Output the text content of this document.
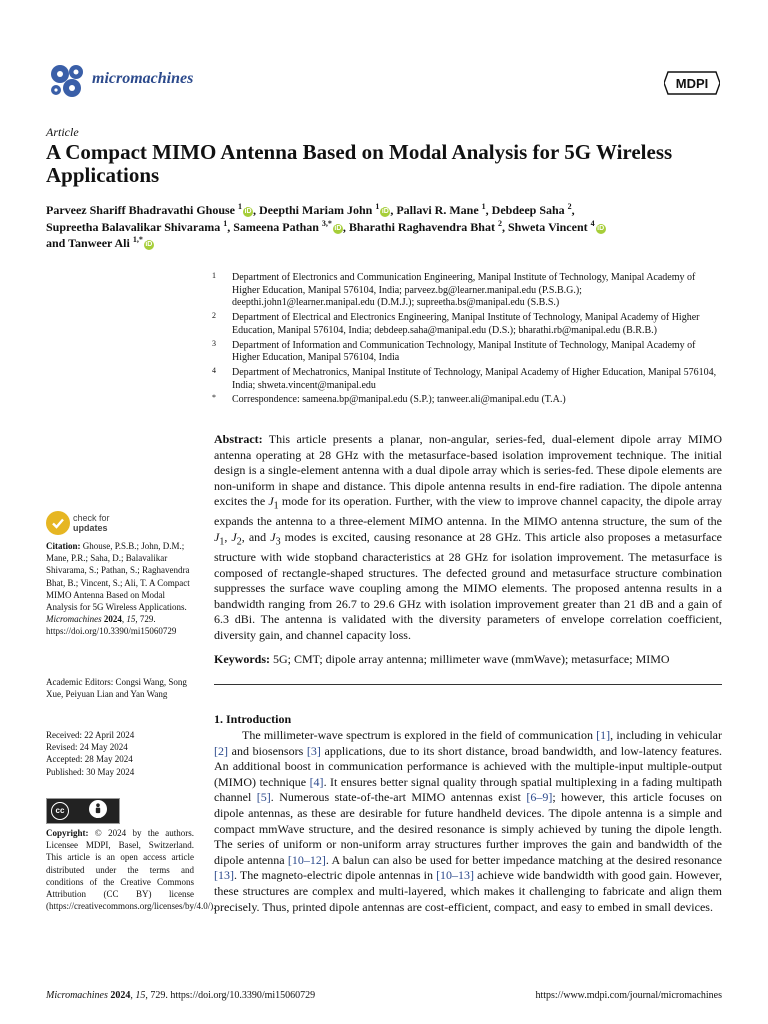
micromachines	MDPI
Article
A Compact MIMO Antenna Based on Modal Analysis for 5G Wireless Applications
Parveez Shariff Bhadravathi Ghouse $^1$iD , Deepthi Mariam John $^1$iD , Pallavi R. Mane $^1$, Debdeep Saha $^2$,
Supreetha Balavalikar Shivarama $^1$, Sameena Pathan $^{3,*}$iD , Bharathi Raghavendra Bhat $^2$, Shweta Vincent $^4$iD
and Tanweer Ali $^{1,*}$iD
1 Department of Electronics and Communication Engineering, Manipal Institute of Technology, Manipal Academy of Higher Education, Manipal 576104, India; parveez.bg@learner.manipal.edu (P.S.B.G.); deepthi.john1@learner.manipal.edu (D.M.J.); supreetha.bs@manipal.edu (S.B.S.)
2 Department of Electrical and Electronics Engineering, Manipal Institute of Technology, Manipal Academy of Higher Education, Manipal 576104, India; debdeep.saha@manipal.edu (D.S.); bharathi.rb@manipal.edu (B.R.B.)
3 Department of Information and Communication Technology, Manipal Institute of Technology, Manipal Academy of Higher Education, Manipal 576104, India
4 Department of Mechatronics, Manipal Institute of Technology, Manipal Academy of Higher Education, Manipal 576104, India; shweta.vincent@manipal.edu
* Correspondence: sameena.bp@manipal.edu (S.P.); tanweer.ali@manipal.edu (T.A.)
check for
updates
Citation: Ghouse, P.S.B.; John, D.M.; Mane, P.R.; Saha, D.; Balavalikar Shivarama, S.; Pathan, S.; Raghavendra Bhat, B.; Vincent, S.; Ali, T. A Compact MIMO Antenna Based on Modal Analysis for 5G Wireless Applications. Micromachines 2024, 15, 729. https://doi.org/10.3390/mi15060729
Academic Editors: Congsi Wang, Song Xue, Peiyuan Lian and Yan Wang
Received: 22 April 2024
Revised: 24 May 2024
Accepted: 28 May 2024
Published: 30 May 2024
cc
BY
Copyright: © 2024 by the authors. Licensee MDPI, Basel, Switzerland. This article is an open access article distributed under the terms and conditions of the Creative Commons Attribution (CC BY) license (https://creativecommons.org/licenses/by/4.0/).
Abstract: This article presents a planar, non-angular, series-fed, dual-element dipole array MIMO antenna operating at 28 GHz with the metasurface-based isolation improvement technique. The initial design is a single-element antenna with a dual dipole array which is series-fed. These dipole elements are non-uniform in shape and distance. This dipole antenna results in end-fire radiation. The dipole antenna excites the $J_1$ mode for its operation. Further, with the view to improve channel capacity, the dipole array expands the antenna to a three-element MIMO antenna. In the MIMO antenna structure, the sum of the $J_1$, $J_2$, and $J_3$ modes is excited, causing resonance at 28 GHz. This article also proposes a metasurface structure with wide stopband characteristics at 28 GHz for isolation improvement. The metasurface is composed of rectangle-shaped structures. The defected ground and metasurface structure combination suppresses the surface wave coupling among the MIMO elements. The proposed antenna results in a bandwidth ranging from 26.7 to 29.6 GHz with isolation improvement greater than 21 dB and a gain of 6.3 dBi. The antenna is validated with the diversity parameters of envelope correlation coefficient, diversity gain, and channel capacity loss.
Keywords: 5G; CMT; dipole array antenna; millimeter wave (mmWave); metasurface; MIMO
1. Introduction
The millimeter-wave spectrum is explored in the field of communication [1], including in vehicular [2] and biosensors [3] applications, due to its short distance, broad bandwidth, and low-latency features. An additional boost in communication performance is achieved with the multiple-input multiple-output (MIMO) technique [4]. It ensures better signal quality through spatial multiplexing in a fading multipath channel [5]. Numerous state-of-the-art MIMO antennas exist [6–9]; however, this article focuses on dipole antennas, as these are desirable for future handheld devices. The dipole antenna is a simple and compact mmWave structure, and the desired resonance is simply achieved by tuning the dipole length. The series of uniform or non-uniform array structures further improves the gain and bandwidth of the dipole antenna [10–12]. A balun can also be used for better impedance matching at the desired resonance [13]. The magneto-electric dipole antennas in [10–13] achieve wide bandwidth with good gain. However, these structures are complex and multi-layered, which makes it challenging to fabricate and align them precisely. Thus, printed dipole antennas are cost-efficient, compact, and easy to embed in small devices.
Micromachines 2024, 15, 729. https://doi.org/10.3390/mi15060729	https://www.mdpi.com/journal/micromachines
